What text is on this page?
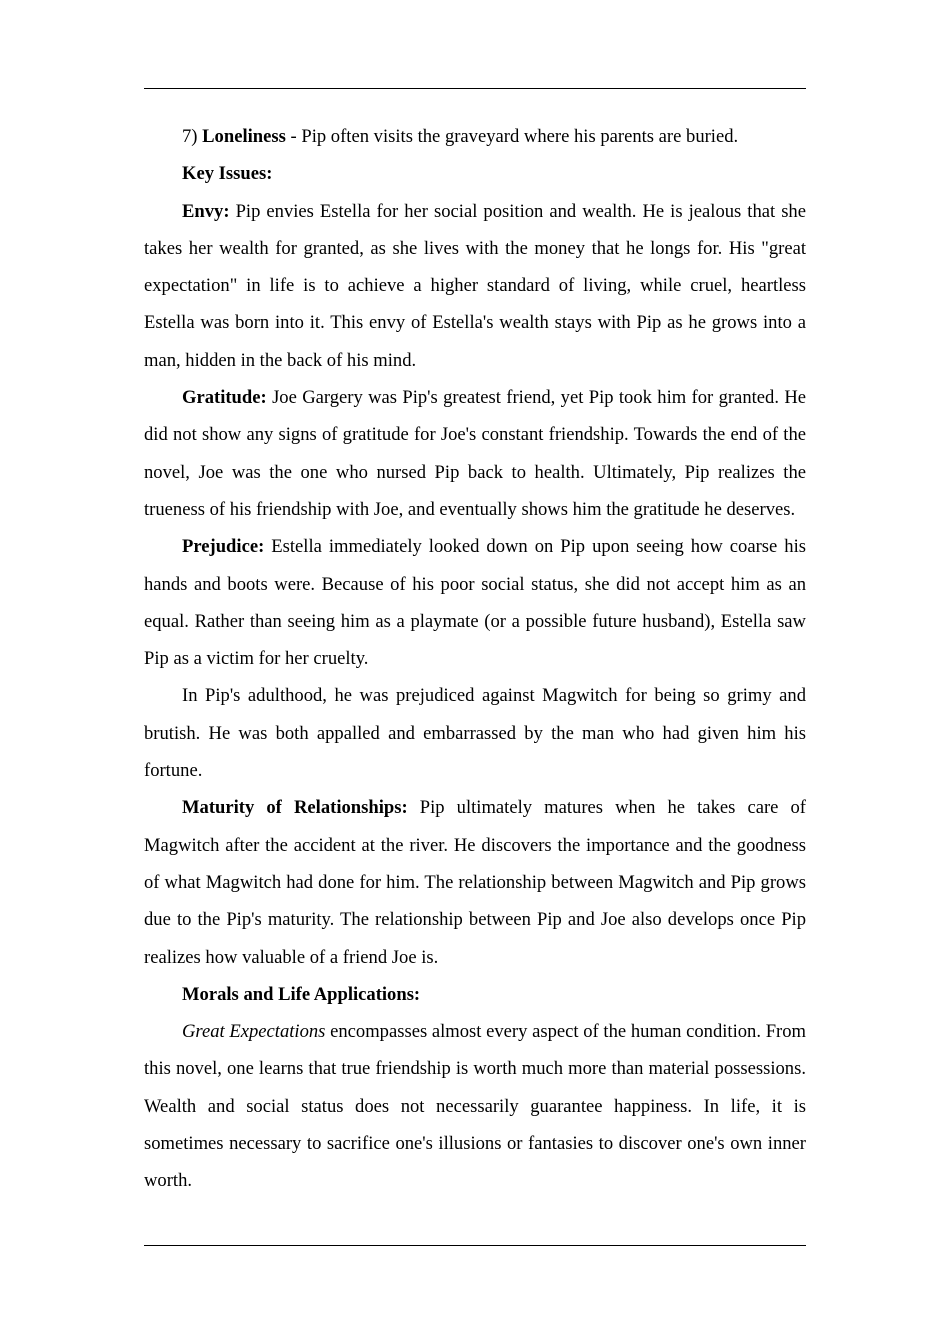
7) Loneliness - Pip often visits the graveyard where his parents are buried.

Key Issues:

Envy: Pip envies Estella for her social position and wealth. He is jealous that she takes her wealth for granted, as she lives with the money that he longs for. His "great expectation" in life is to achieve a higher standard of living, while cruel, heartless Estella was born into it. This envy of Estella's wealth stays with Pip as he grows into a man, hidden in the back of his mind.

Gratitude: Joe Gargery was Pip's greatest friend, yet Pip took him for granted. He did not show any signs of gratitude for Joe's constant friendship. Towards the end of the novel, Joe was the one who nursed Pip back to health. Ultimately, Pip realizes the trueness of his friendship with Joe, and eventually shows him the gratitude he deserves.

Prejudice: Estella immediately looked down on Pip upon seeing how coarse his hands and boots were. Because of his poor social status, she did not accept him as an equal. Rather than seeing him as a playmate (or a possible future husband), Estella saw Pip as a victim for her cruelty.

In Pip's adulthood, he was prejudiced against Magwitch for being so grimy and brutish. He was both appalled and embarrassed by the man who had given him his fortune.

Maturity of Relationships: Pip ultimately matures when he takes care of Magwitch after the accident at the river. He discovers the importance and the goodness of what Magwitch had done for him. The relationship between Magwitch and Pip grows due to the Pip's maturity. The relationship between Pip and Joe also develops once Pip realizes how valuable of a friend Joe is.

Morals and Life Applications:

Great Expectations encompasses almost every aspect of the human condition. From this novel, one learns that true friendship is worth much more than material possessions. Wealth and social status does not necessarily guarantee happiness. In life, it is sometimes necessary to sacrifice one's illusions or fantasies to discover one's own inner worth.
